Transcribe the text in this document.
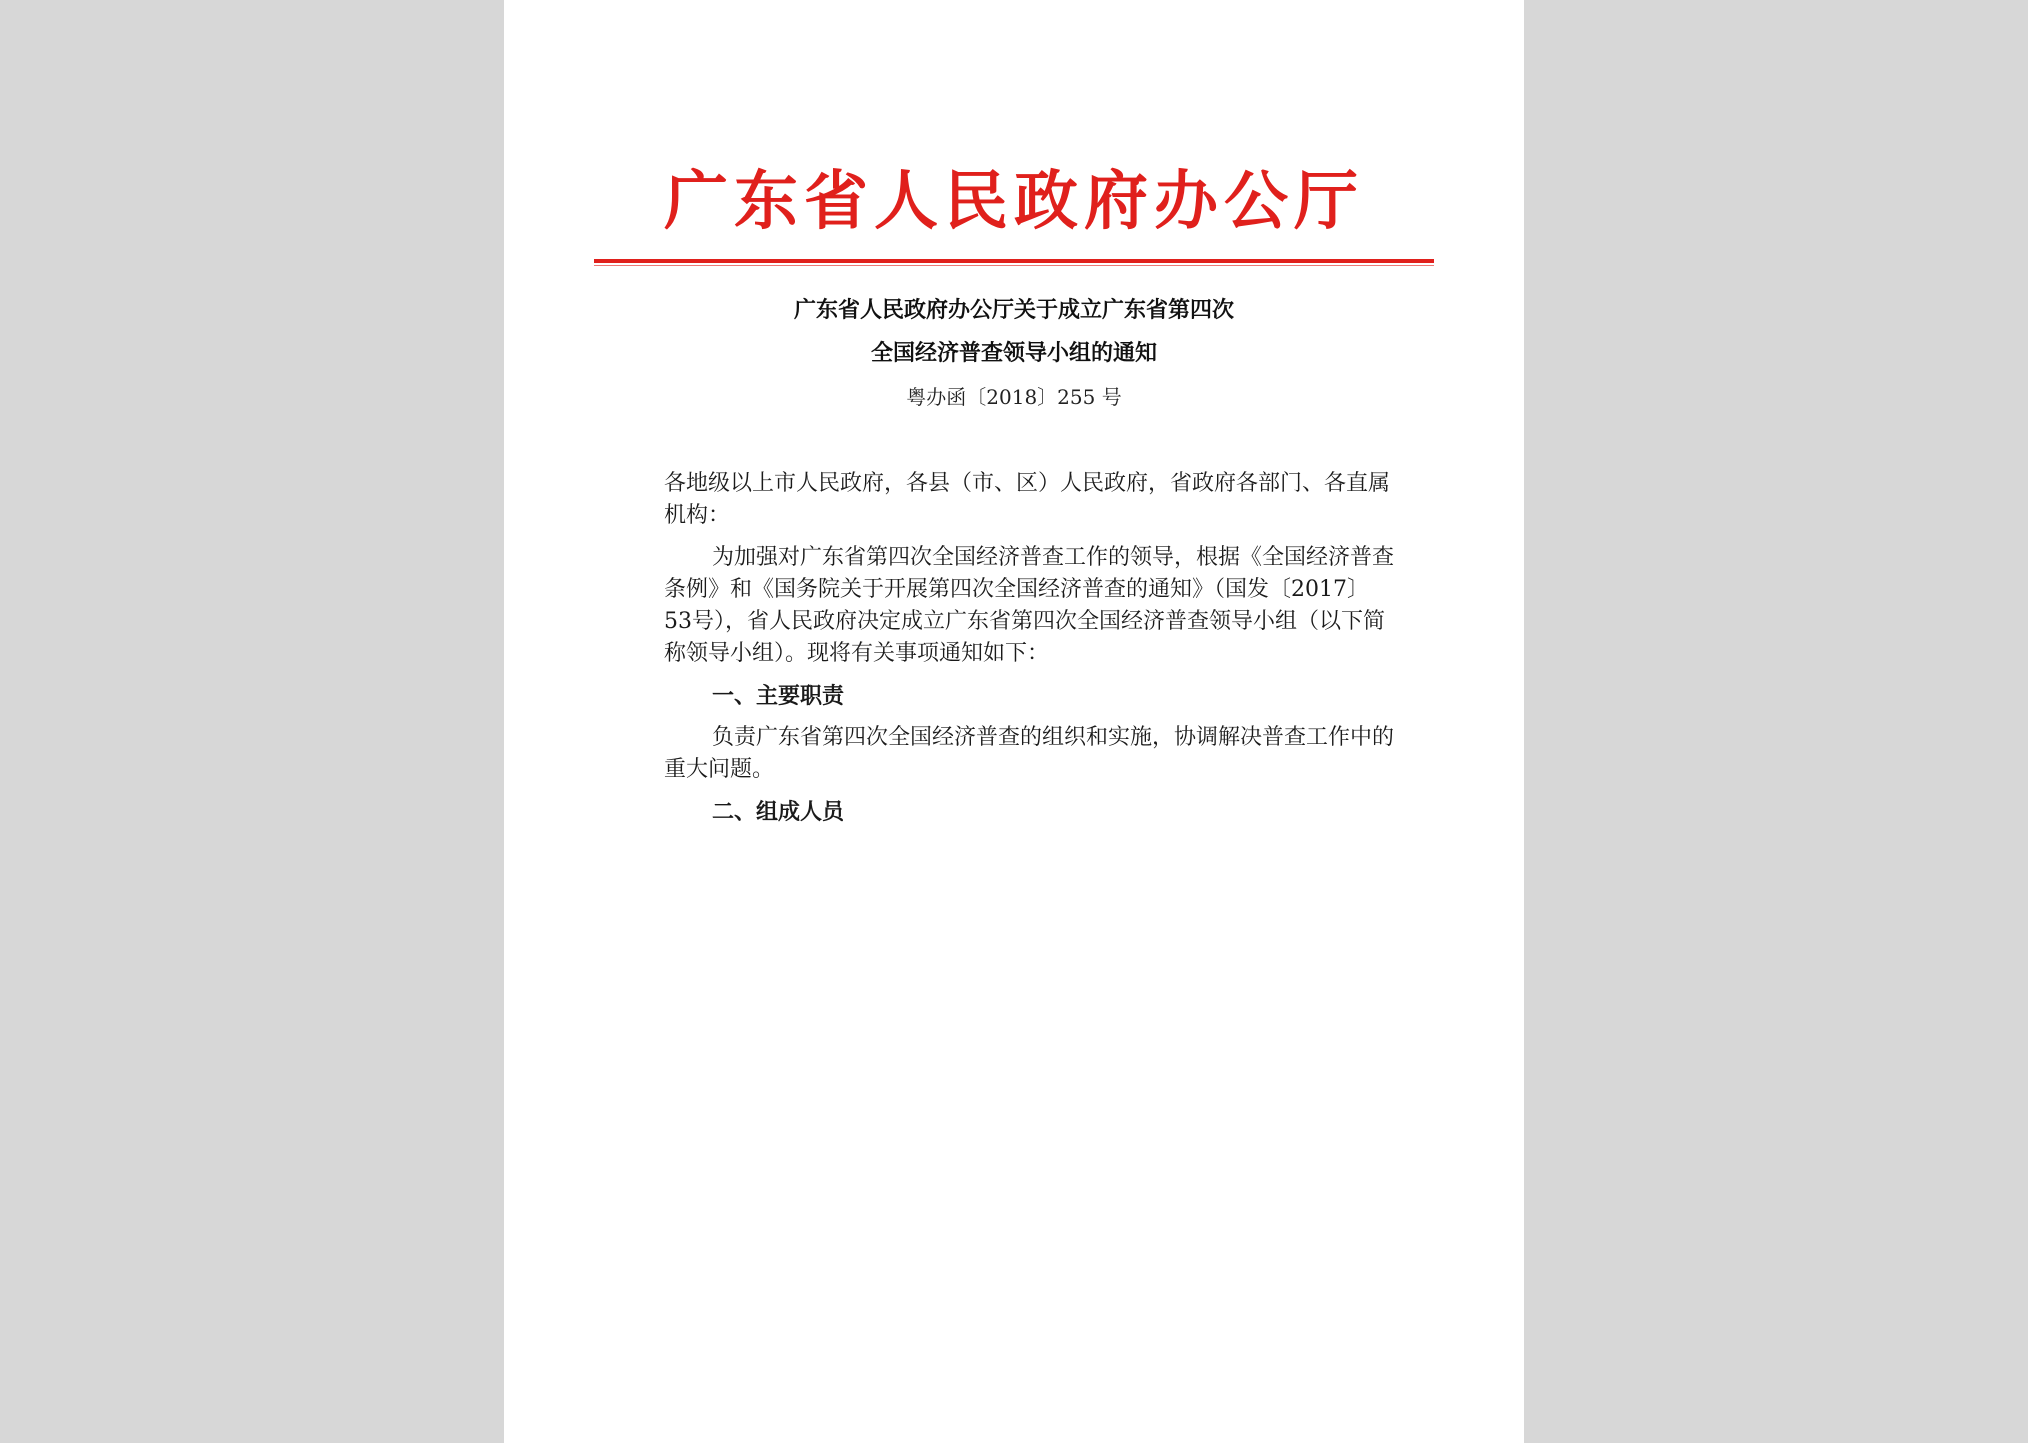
广东省人民政府办公厅
广东省人民政府办公厅关于成立广东省第四次
全国经济普查领导小组的通知
粤办函〔2018〕255 号

各地级以上市人民政府，各县（市、区）人民政府，省政府各部门、各直属机构：

为加强对广东省第四次全国经济普查工作的领导，根据《全国经济普查条例》和《国务院关于开展第四次全国经济普查的通知》（国发〔2017〕53号），省人民政府决定成立广东省第四次全国经济普查领导小组（以下简称领导小组）。现将有关事项通知如下：

一、主要职责

负责广东省第四次全国经济普查的组织和实施，协调解决普查工作中的重大问题。

二、组成人员
